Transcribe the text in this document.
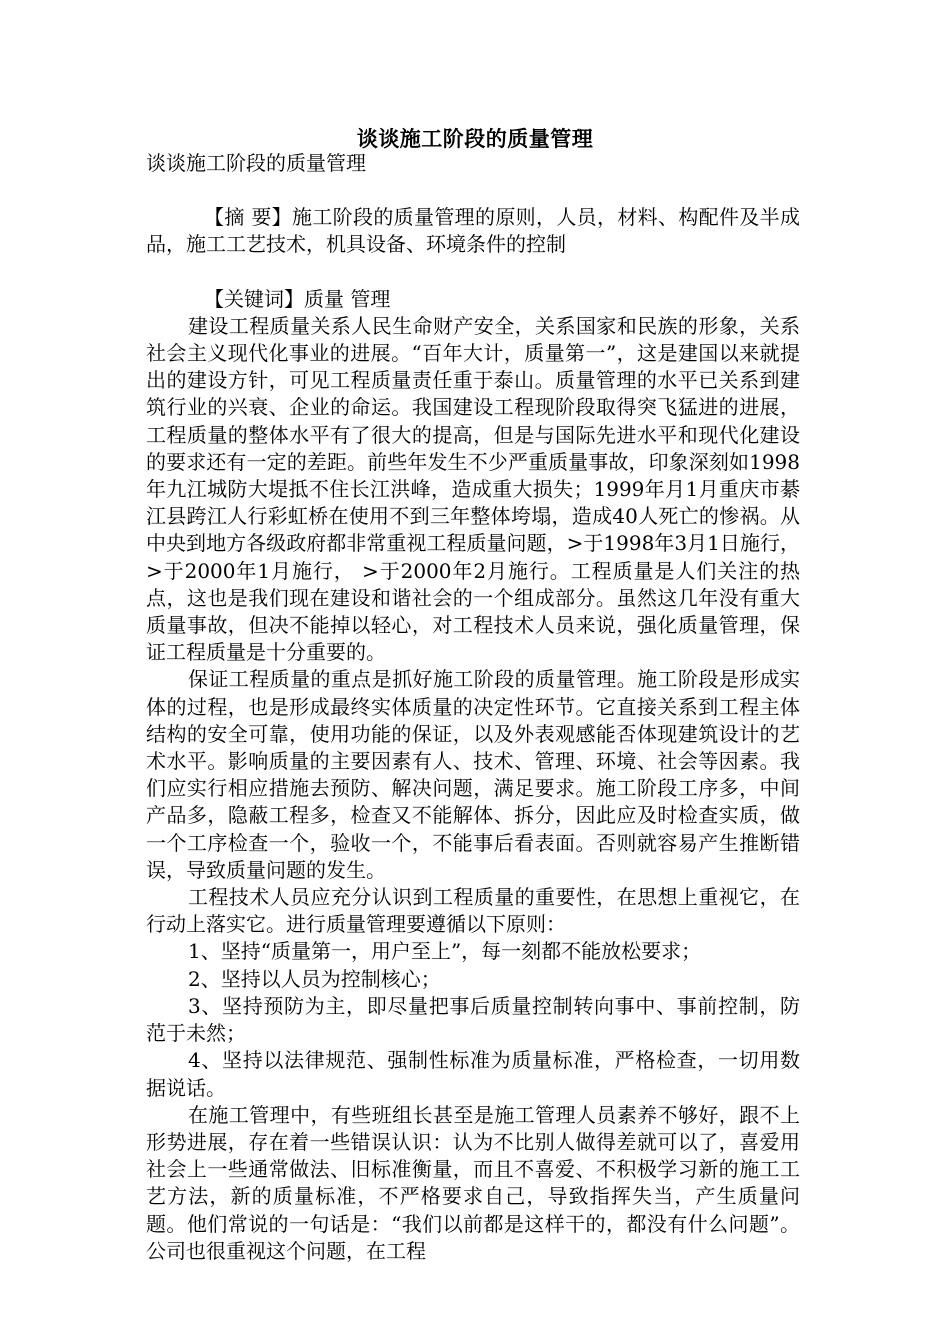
谈谈施工阶段的质量管理

谈谈施工阶段的质量管理

【摘 要】施工阶段的质量管理的原则，人员，材料、构配件及半成品，施工工艺技术，机具设备、环境条件的控制

【关键词】质量 管理

建设工程质量关系人民生命财产安全，关系国家和民族的形象，关系社会主义现代化事业的进展。“百年大计，质量第一”，这是建国以来就提出的建设方针，可见工程质量责任重于泰山。质量管理的水平已关系到建筑行业的兴衰、企业的命运。我国建设工程现阶段取得突飞猛进的进展，工程质量的整体水平有了很大的提高，但是与国际先进水平和现代化建设的要求还有一定的差距。前些年发生不少严重质量事故，印象深刻如1998年九江城防大堤抵不住长江洪峰，造成重大损失；1999年月1月重庆市綦江县跨江人行彩虹桥在使用不到三年整体垮塌，造成40人死亡的惨祸。从中央到地方各级政府都非常重视工程质量问题，>于1998年3月1日施行，>于2000年1月施行， >于2000年2月施行。工程质量是人们关注的热点，这也是我们现在建设和谐社会的一个组成部分。虽然这几年没有重大质量事故，但决不能掉以轻心，对工程技术人员来说，强化质量管理，保证工程质量是十分重要的。

保证工程质量的重点是抓好施工阶段的质量管理。施工阶段是形成实体的过程，也是形成最终实体质量的决定性环节。它直接关系到工程主体结构的安全可靠，使用功能的保证，以及外表观感能否体现建筑设计的艺术水平。影响质量的主要因素有人、技术、管理、环境、社会等因素。我们应实行相应措施去预防、解决问题，满足要求。施工阶段工序多，中间产品多，隐蔽工程多，检查又不能解体、拆分，因此应及时检查实质，做一个工序检查一个，验收一个，不能事后看表面。否则就容易产生推断错误，导致质量问题的发生。

工程技术人员应充分认识到工程质量的重要性，在思想上重视它，在行动上落实它。进行质量管理要遵循以下原则：

1、坚持“质量第一，用户至上”，每一刻都不能放松要求；

2、坚持以人员为控制核心；

3、坚持预防为主，即尽量把事后质量控制转向事中、事前控制，防范于未然；

4、坚持以法律规范、强制性标准为质量标准，严格检查，一切用数据说话。

在施工管理中，有些班组长甚至是施工管理人员素养不够好，跟不上形势进展，存在着一些错误认识：认为不比别人做得差就可以了，喜爱用社会上一些通常做法、旧标准衡量，而且不喜爱、不积极学习新的施工工艺方法，新的质量标准，不严格要求自己，导致指挥失当，产生质量问题。他们常说的一句话是：“我们以前都是这样干的，都没有什么问题”。公司也很重视这个问题，在工程
